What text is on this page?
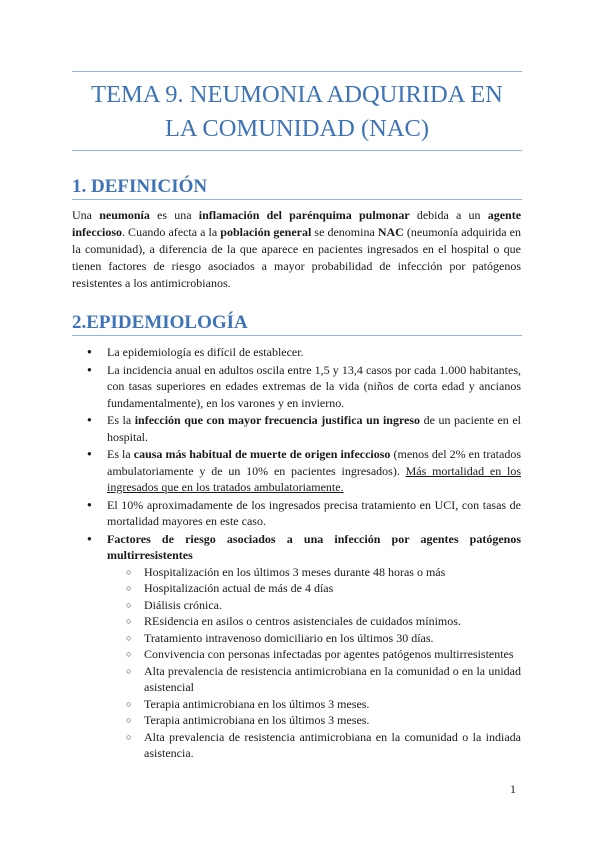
TEMA 9. NEUMONIA ADQUIRIDA EN LA COMUNIDAD (NAC)
1. DEFINICIÓN

Una neumonía es una inflamación del parénquima pulmonar debida a un agente infeccioso. Cuando afecta a la población general se denomina NAC (neumonía adquirida en la comunidad), a diferencia de la que aparece en pacientes ingresados en el hospital o que tienen factores de riesgo asociados a mayor probabilidad de infección por patógenos resistentes a los antimicrobianos.

2.EPIDEMIOLOGÍA
● La epidemiología es difícil de establecer.
● La incidencia anual en adultos oscila entre 1,5 y 13,4 casos por cada 1.000 habitantes, con tasas superiores en edades extremas de la vida (niños de corta edad y ancianos fundamentalmente), en los varones y en invierno.
● Es la infección que con mayor frecuencia justifica un ingreso de un paciente en el hospital.
● Es la causa más habitual de muerte de origen infeccioso (menos del 2% en tratados ambulatoriamente y de un 10% en pacientes ingresados). Más mortalidad en los ingresados que en los tratados ambulatoriamente.
● El 10% aproximadamente de los ingresados precisa tratamiento en UCI, con tasas de mortalidad mayores en este caso.
● Factores de riesgo asociados a una infección por agentes patógenos multirresistentes
○ Hospitalización en los últimos 3 meses durante 48 horas o más
○ Hospitalización actual de más de 4 días
○ Diálisis crónica.
○ REsidencia en asilos o centros asistenciales de cuidados mínimos.
○ Tratamiento intravenoso domiciliario en los últimos 30 días.
○ Convivencia con personas infectadas por agentes patógenos multirresistentes
○ Alta prevalencia de resistencia antimicrobiana en la comunidad o en la unidad asistencial
○ Terapia antimicrobiana en los últimos 3 meses.
○ Terapia antimicrobiana en los últimos 3 meses.
○ Alta prevalencia de resistencia antimicrobiana en la comunidad o la indiada asistencia.
1
